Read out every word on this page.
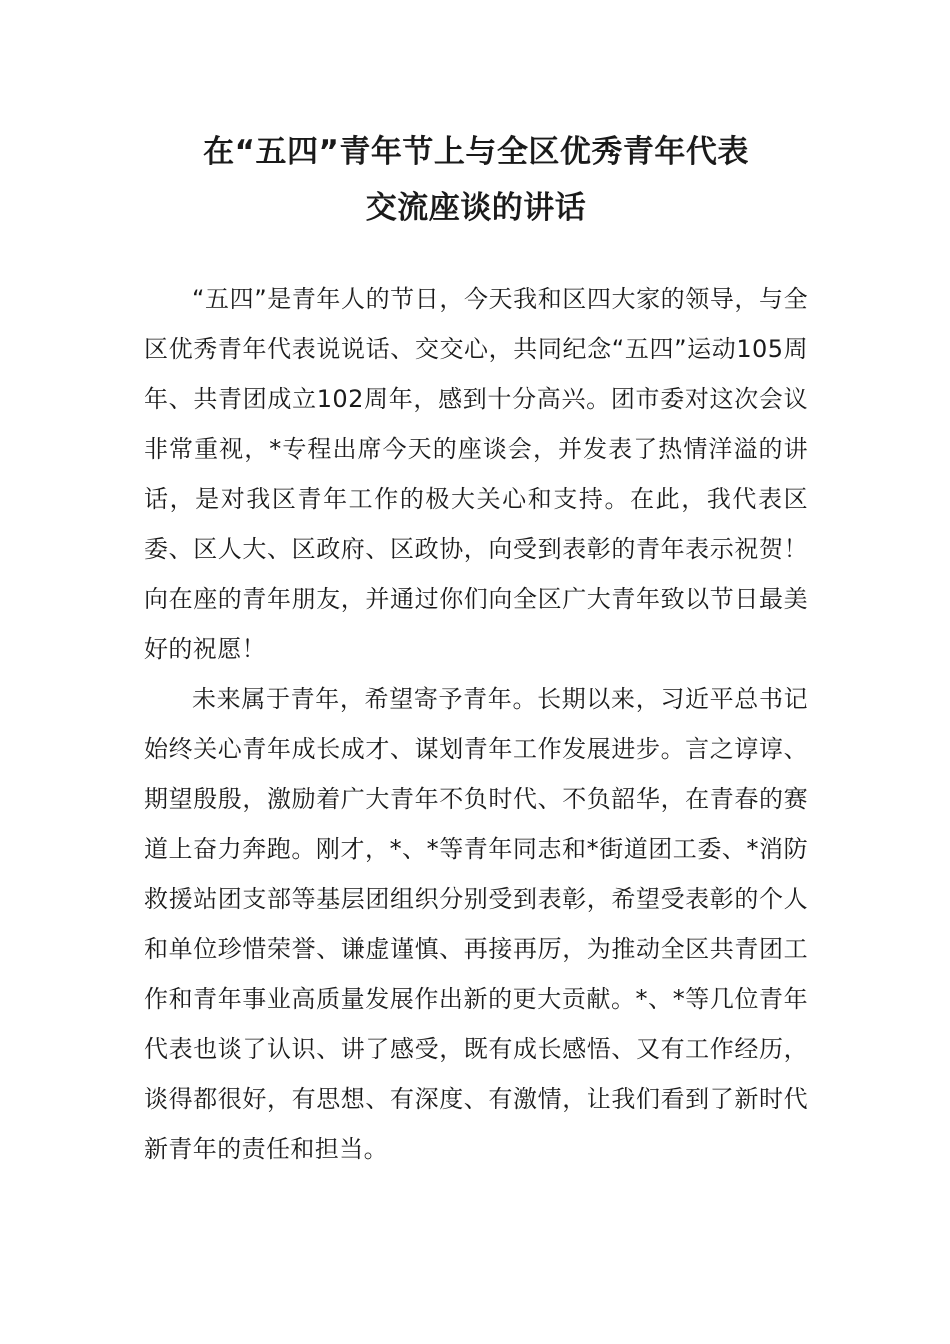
在“五四”青年节上与全区优秀青年代表
交流座谈的讲话

“五四”是青年人的节日，今天我和区四大家的领导，与全区优秀青年代表说说话、交交心，共同纪念“五四”运动105周年、共青团成立102周年，感到十分高兴。团市委对这次会议非常重视，*专程出席今天的座谈会，并发表了热情洋溢的讲话，是对我区青年工作的极大关心和支持。在此，我代表区委、区人大、区政府、区政协，向受到表彰的青年表示祝贺！向在座的青年朋友，并通过你们向全区广大青年致以节日最美好的祝愿！

未来属于青年，希望寄予青年。长期以来，习近平总书记始终关心青年成长成才、谋划青年工作发展进步。言之谆谆、期望殷殷，激励着广大青年不负时代、不负韶华，在青春的赛道上奋力奔跑。刚才，*、*等青年同志和*街道团工委、*消防救援站团支部等基层团组织分别受到表彰，希望受表彰的个人和单位珍惜荣誉、谦虚谨慎、再接再厉，为推动全区共青团工作和青年事业高质量发展作出新的更大贡献。*、*等几位青年代表也谈了认识、讲了感受，既有成长感悟、又有工作经历，谈得都很好，有思想、有深度、有激情，让我们看到了新时代新青年的责任和担当。
